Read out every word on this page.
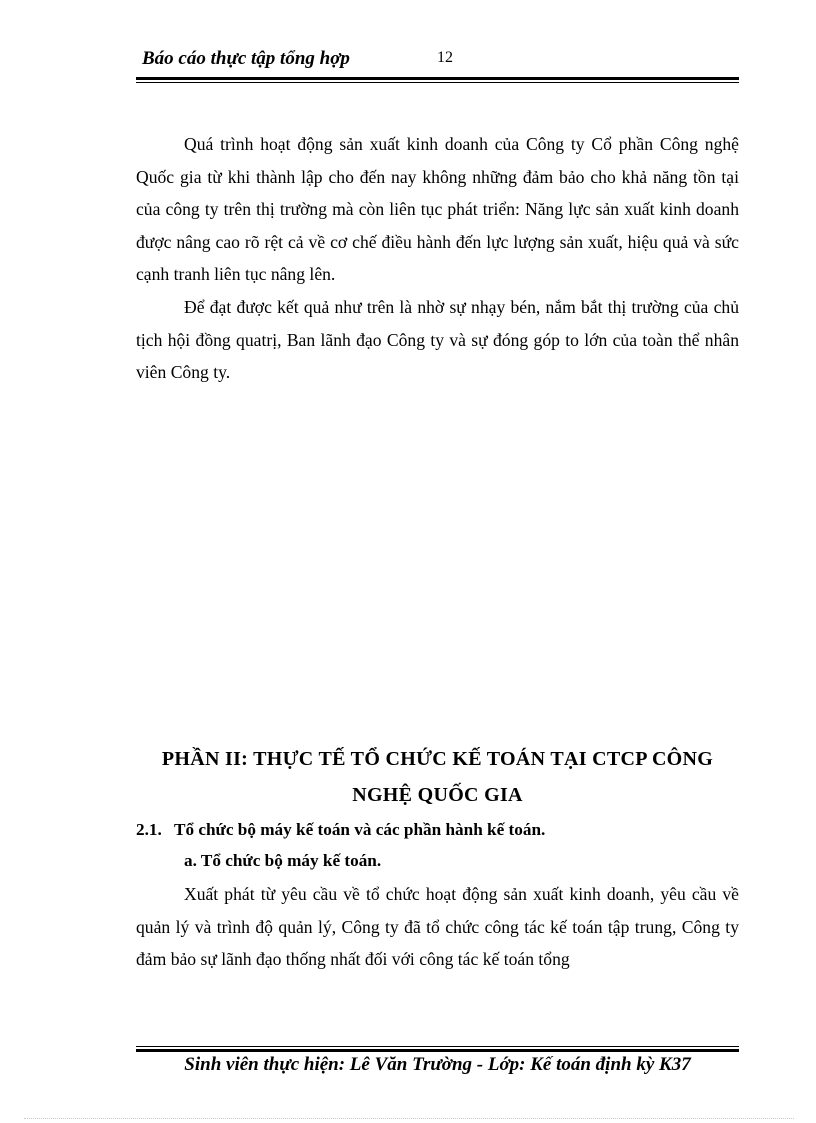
Báo cáo thực tập tổng hợp	12

Quá trình hoạt động sản xuất kinh doanh của Công ty Cổ phần Công nghệ Quốc gia từ khi thành lập cho đến nay không những đảm bảo cho khả năng tồn tại của công ty trên thị trường mà còn liên tục phát triển: Năng lực sản xuất kinh doanh được nâng cao rõ rệt cả về cơ chế điều hành đến lực lượng sản xuất, hiệu quả và sức cạnh tranh liên tục nâng lên.

Để đạt được kết quả như trên là nhờ sự nhạy bén, nắm bắt thị trường của chủ tịch hội đồng quatrị, Ban lãnh đạo Công ty và sự đóng góp to lớn của toàn thể nhân viên Công ty.

PHẦN II: THỰC TẾ TỔ CHỨC KẾ TOÁN TẠI CTCP CÔNG NGHỆ QUỐC GIA
2.1. Tổ chức bộ máy kế toán và các phần hành kế toán.
a. Tổ chức bộ máy kế toán.

Xuất phát từ yêu cầu về tổ chức hoạt động sản xuất kinh doanh, yêu cầu về quản lý và trình độ quản lý, Công ty đã tổ chức công tác kế toán tập trung, Công ty đảm bảo sự lãnh đạo thống nhất đối với công tác kế toán tổng

Sinh viên thực hiện: Lê Văn Trường - Lớp: Kế toán định kỳ K37
